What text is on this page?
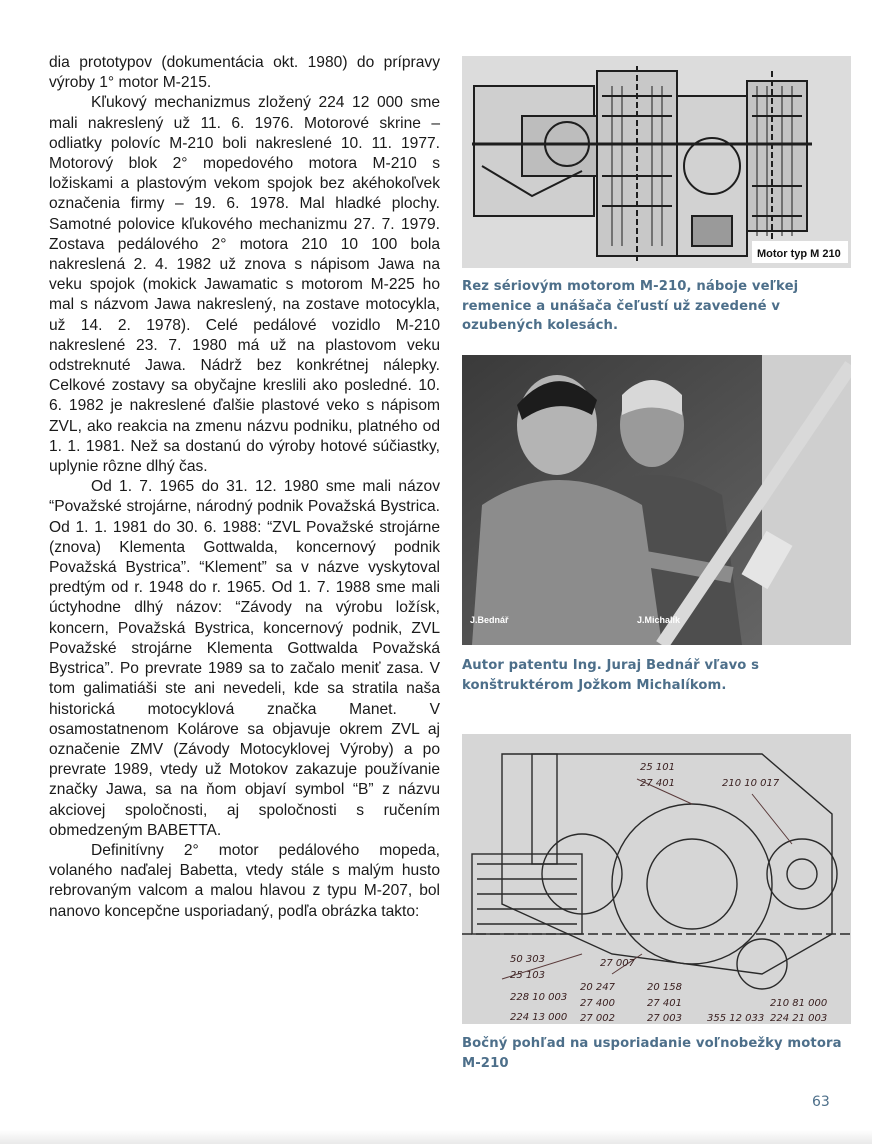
dia prototypov (dokumentácia okt. 1980) do prípravy výroby 1° motor M-215.

Kľukový mechanizmus zložený 224 12 000 sme mali nakreslený už 11. 6. 1976. Motorové skrine – odliatky polovíc M-210 boli nakreslené 10. 11. 1977. Motorový blok 2° mopedového motora M-210 s ložiskami a plastovým vekom spojok bez akéhokoľvek označenia firmy – 19. 6. 1978. Mal hladké plochy. Samotné polovice kľukového mechanizmu 27. 7. 1979. Zostava pedálového 2° motora 210 10 100 bola nakreslená 2. 4. 1982 už znova s nápisom Jawa na veku spojok (mokick Jawamatic s motorom M-225 ho mal s názvom Jawa nakreslený, na zostave motocykla, už 14. 2. 1978). Celé pedálové vozidlo M-210 nakreslené 23. 7. 1980 má už na plastovom veku odstreknuté Jawa. Nádrž bez konkrétnej nálepky. Celkové zostavy sa obyčajne kreslili ako posledné. 10. 6. 1982 je nakreslené ďalšie plastové veko s nápisom ZVL, ako reakcia na zmenu názvu podniku, platného od 1. 1. 1981. Než sa dostanú do výroby hotové súčiastky, uplynie rôzne dlhý čas.

Od 1. 7. 1965 do 31. 12. 1980 sme mali názov “Považské strojárne, národný podnik Považská Bystrica. Od 1. 1. 1981 do 30. 6. 1988: “ZVL Považské strojárne (znova) Klementa Gottwalda, koncernový podnik Považská Bystrica”. “Klement” sa v názve vyskytoval predtým od r. 1948 do r. 1965. Od 1. 7. 1988 sme mali úctyhodne dlhý názov: “Závody na výrobu ložísk, koncern, Považská Bystrica, koncernový podnik, ZVL Považské strojárne Klementa Gottwalda Považská Bystrica”. Po prevrate 1989 sa to začalo meniť zasa. V tom galimatiáši ste ani nevedeli, kde sa stratila naša historická motocyklová značka Manet. V osamostatnenom Kolárove sa objavuje okrem ZVL aj označenie ZMV (Závody Motocyklovej Výroby) a po prevrate 1989, vtedy už Motokov zakazuje používanie značky Jawa, sa na ňom objaví symbol “B” z názvu akciovej spoločnosti, aj spoločnosti s ručením obmedzeným BABETTA.

Definitívny 2° motor pedálového mopeda, volaného naďalej Babetta, vtedy stále s malým husto rebrovaným valcom a malou hlavou z typu M-207, bol nanovo koncepčne usporiadaný, podľa obrázka takto:

Motor typ M 210
Rez sériovým motorom M-210, náboje veľkej remenice a unášača čeľustí už zavedené v ozubených kolesách.
J.Bednář	J.Michalík
Autor patentu Ing. Juraj Bednář vľavo s konštruktérom Jožkom Michalíkom.
25 101
27 401	210 10 017
50 303
25 103
27 007
20 247	20 158
228 10 003
27 400	27 401
224 13 000 27 002	27 003	355 12 033
210 81 000
224 21 003
Bočný pohľad na usporiadanie voľnobežky motora M-210
63
